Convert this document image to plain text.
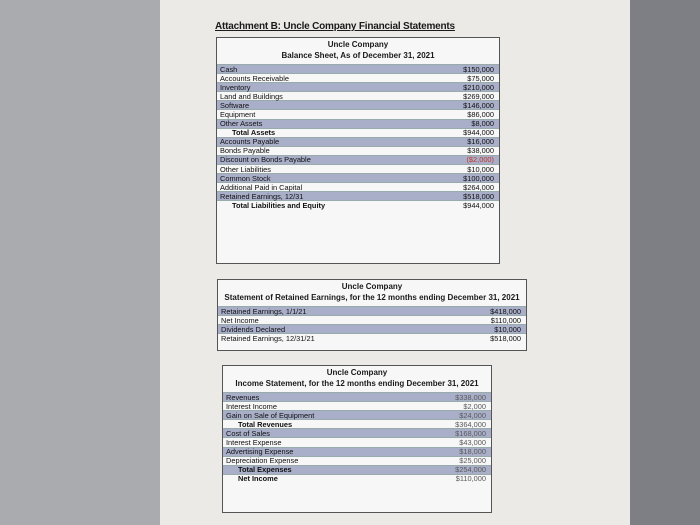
Attachment B: Uncle Company Financial Statements
Uncle Company
Balance Sheet, As of December 31, 2021
Cash	$150,000
Accounts Receivable	$75,000
Inventory	$210,000
Land and Buildings	$269,000
Software	$146,000
Equipment	$86,000
Other Assets	$8,000
Total Assets	$944,000
Accounts Payable	$16,000
Bonds Payable	$38,000
Discount on Bonds Payable	($2,000)
Other Liabilities	$10,000
Common Stock	$100,000
Additional Paid in Capital	$264,000
Retained Earnings, 12/31	$518,000
Total Liabilities and Equity	$944,000
Uncle Company
Statement of Retained Earnings, for the 12 months ending December 31, 2021
Retained Earnings, 1/1/21	$418,000
Net Income	$110,000
Dividends Declared	$10,000
Retained Earnings, 12/31/21	$518,000
Uncle Company
Income Statement, for the 12 months ending December 31, 2021
Revenues	$338,000
Interest Income	$2,000
Gain on Sale of Equipment	$24,000
Total Revenues	$364,000
Cost of Sales	$168,000
Interest Expense	$43,000
Advertising Expense	$18,000
Depreciation Expense	$25,000
Total Expenses	$254,000
Net Income	$110,000
